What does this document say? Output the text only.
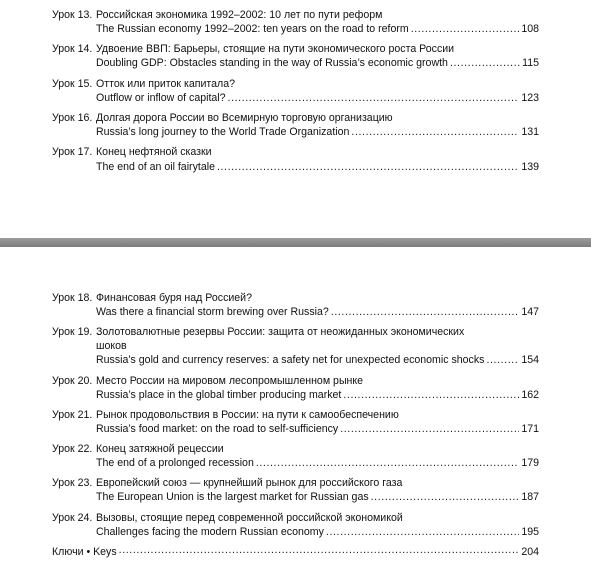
Урок 13. Российская экономика 1992–2002: 10 лет по пути реформ
The Russian economy 1992–2002: ten years on the road to reform .....	108
Урок 14. Удвоение ВВП: Барьеры, стоящие на пути экономического роста России
Doubling GDP: Obstacles standing in the way of Russia’s economic growth .....	115
Урок 15. Отток или приток капитала?
Outflow or inflow of capital? .....	123
Урок 16. Долгая дорога России во Всемирную торговую организацию
Russia’s long journey to the World Trade Organization .....	131
Урок 17. Конец нефтяной сказки
The end of an oil fairytale .....	139
Урок 18. Финансовая буря над Россией?
Was there a financial storm brewing over Russia? .....	147
Урок 19. Золотовалютные резервы России: защита от неожиданных экономических
шоков
Russia’s gold and currency reserves: a safety net for unexpected economic shocks .....	154
Урок 20. Место России на мировом лесопромышленном рынке
Russia’s place in the global timber producing market .....	162
Урок 21. Рынок продовольствия в России: на пути к самообеспечению
Russia’s food market: on the road to self-sufficiency .....	171
Урок 22. Конец затяжной рецессии
The end of a prolonged recession .....	179
Урок 23. Европейский союз — крупнейший рынок для российского газа
The European Union is the largest market for Russian gas .....	187
Урок 24. Вызовы, стоящие перед современной российской экономикой
Challenges facing the modern Russian economy .....	195
Ключи • Keys .....	204
